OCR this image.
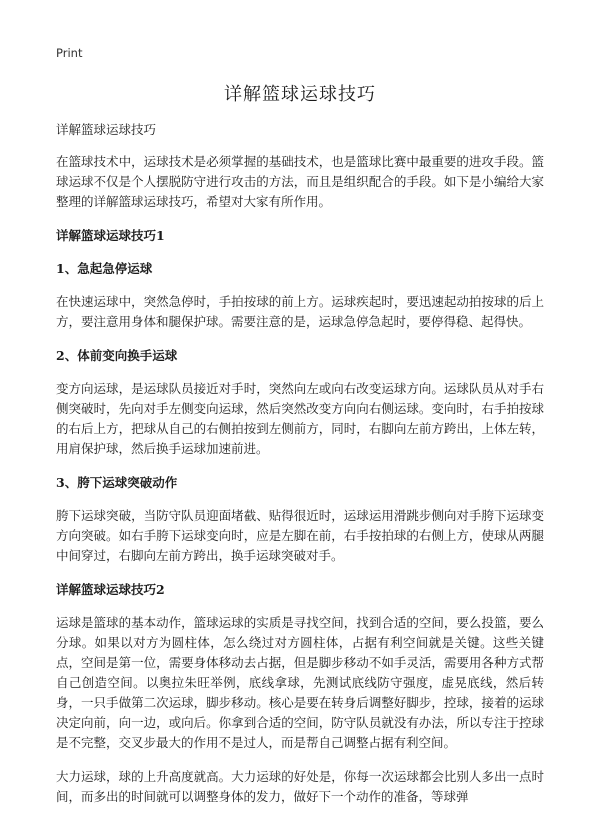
Print
详解篮球运球技巧

详解篮球运球技巧

在篮球技术中，运球技术是必须掌握的基础技术，也是篮球比赛中最重要的进攻手段。篮球运球不仅是个人摆脱防守进行攻击的方法，而且是组织配合的手段。如下是小编给大家整理的详解篮球运球技巧，希望对大家有所作用。

详解篮球运球技巧1

1、急起急停运球

在快速运球中，突然急停时，手拍按球的前上方。运球疾起时，要迅速起动拍按球的后上方，要注意用身体和腿保护球。需要注意的是，运球急停急起时，要停得稳、起得快。

2、体前变向换手运球

变方向运球，是运球队员接近对手时，突然向左或向右改变运球方向。运球队员从对手右侧突破时，先向对手左侧变向运球，然后突然改变方向向右侧运球。变向时，右手拍按球的右后上方，把球从自己的右侧拍按到左侧前方，同时，右脚向左前方跨出，上体左转，用肩保护球，然后换手运球加速前进。

3、胯下运球突破动作

胯下运球突破，当防守队员迎面堵截、贴得很近时，运球运用滑跳步侧向对手胯下运球变方向突破。如右手胯下运球变向时，应是左脚在前，右手按拍球的右侧上方，使球从两腿中间穿过，右脚向左前方跨出，换手运球突破对手。

详解篮球运球技巧2

运球是篮球的基本动作，篮球运球的实质是寻找空间，找到合适的空间，要么投篮，要么分球。如果以对方为圆柱体，怎么绕过对方圆柱体，占据有利空间就是关键。这些关键点，空间是第一位，需要身体移动去占据，但是脚步移动不如手灵活，需要用各种方式帮自己创造空间。以奥拉朱旺举例，底线拿球，先测试底线防守强度，虚晃底线，然后转身，一只手做第二次运球，脚步移动。核心是要在转身后调整好脚步，控球，接着的运球决定向前，向一边，或向后。你拿到合适的空间，防守队员就没有办法，所以专注于控球是不完整，交叉步最大的作用不是过人，而是帮自己调整占据有利空间。

大力运球，球的上升高度就高。大力运球的好处是，你每一次运球都会比别人多出一点时间，而多出的时间就可以调整身体的发力，做好下一个动作的准备，等球弹
